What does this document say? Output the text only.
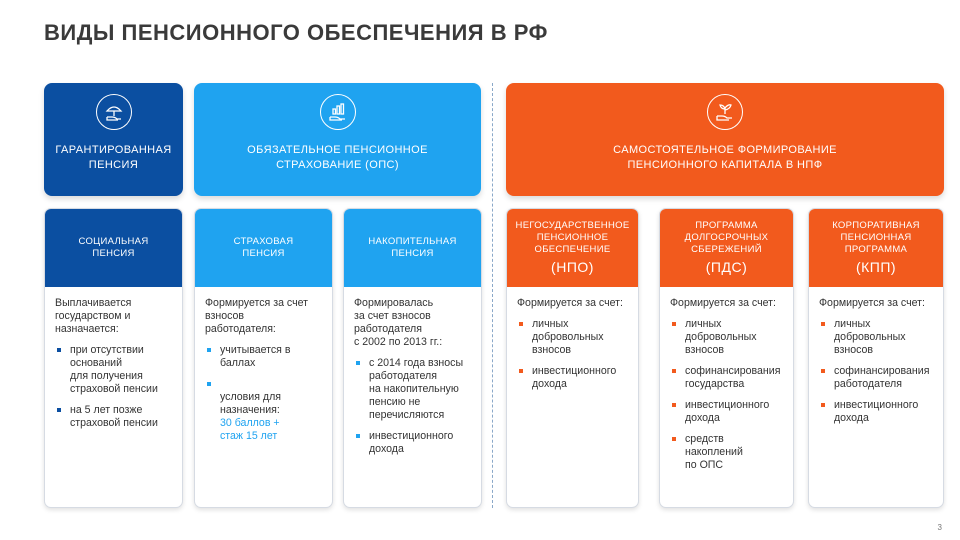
ВИДЫ ПЕНСИОННОГО ОБЕСПЕЧЕНИЯ В РФ
ГАРАНТИРОВАННАЯ
ПЕНСИЯ
ОБЯЗАТЕЛЬНОЕ ПЕНСИОННОЕ
СТРАХОВАНИЕ (ОПС)
САМОСТОЯТЕЛЬНОЕ ФОРМИРОВАНИЕ
ПЕНСИОННОГО КАПИТАЛА В НПФ
СОЦИАЛЬНАЯ
ПЕНСИЯ
Выплачивается
государством и
назначается:
при отсутствии
оснований
для получения
страховой пенсии
на 5 лет позже
страховой пенсии
СТРАХОВАЯ
ПЕНСИЯ
Формируется за счет
взносов
работодателя:
учитывается в
баллах

условия для
назначения:

30 баллов +
стаж 15 лет

НАКОПИТЕЛЬНАЯ
ПЕНСИЯ
Формировалась
за счет взносов
работодателя
с 2002 по 2013 гг.:
с 2014 года взносы
работодателя
на накопительную
пенсию не
перечисляются
инвестиционного
дохода
НЕГОСУДАРСТВЕННОЕ
ПЕНСИОННОЕ
ОБЕСПЕЧЕНИЕ
(НПО)
Формируется за счет:
личных
добровольных
взносов
инвестиционного
дохода
ПРОГРАММА
ДОЛГОСРОЧНЫХ
СБЕРЕЖЕНИЙ
(ПДС)
Формируется за счет:
личных
добровольных
взносов
софинансирования
государства
инвестиционного
дохода
средств накоплений
по ОПС
КОРПОРАТИВНАЯ
ПЕНСИОННАЯ
ПРОГРАММА
(КПП)
Формируется за счет:
личных
добровольных
взносов
софинансирования
работодателя
инвестиционного
дохода
3
